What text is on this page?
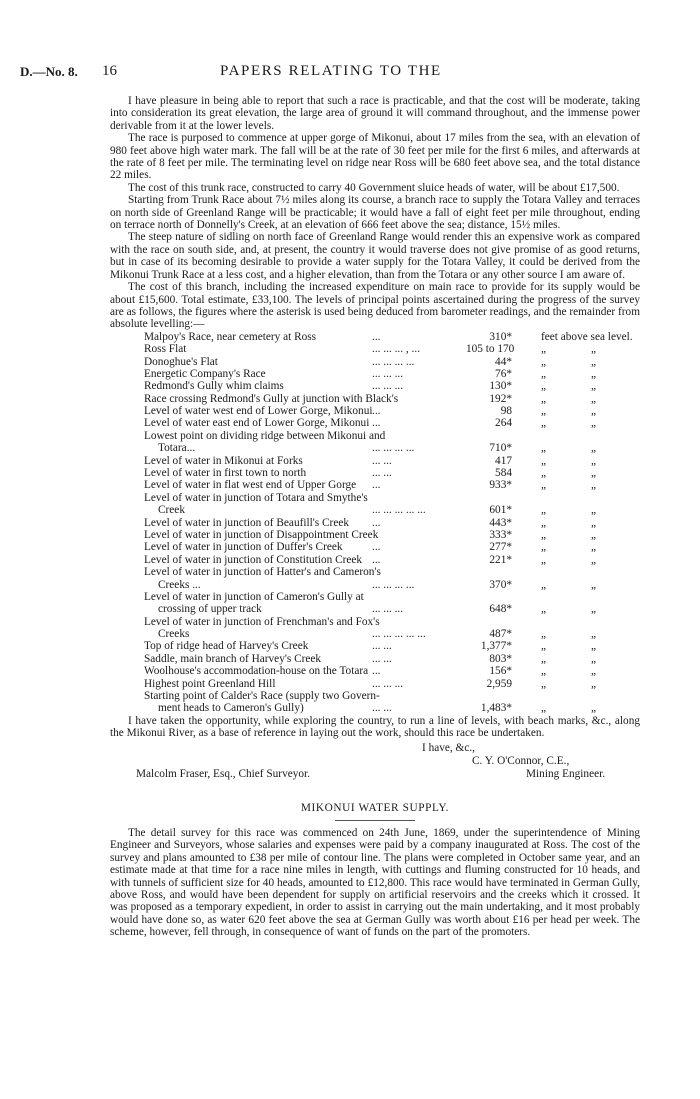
D.—No. 8. 16	PAPERS RELATING TO THE

I have pleasure in being able to report that such a race is practicable, and that the cost will be moderate, taking into consideration its great elevation, the large area of ground it will command throughout, and the immense power derivable from it at the lower levels.

The race is purposed to commence at upper gorge of Mikonui, about 17 miles from the sea, with an elevation of 980 feet above high water mark. The fall will be at the rate of 30 feet per mile for the first 6 miles, and afterwards at the rate of 8 feet per mile. The terminating level on ridge near Ross will be 680 feet above sea, and the total distance 22 miles.

The cost of this trunk race, constructed to carry 40 Government sluice heads of water, will be about £17,500.

Starting from Trunk Race about 7½ miles along its course, a branch race to supply the Totara Valley and terraces on north side of Greenland Range will be practicable; it would have a fall of eight feet per mile throughout, ending on terrace north of Donnelly's Creek, at an elevation of 666 feet above the sea; distance, 15½ miles.

The steep nature of sidling on north face of Greenland Range would render this an expensive work as compared with the race on south side, and, at present, the country it would traverse does not give promise of as good returns, but in case of its becoming desirable to provide a water supply for the Totara Valley, it could be derived from the Mikonui Trunk Race at a less cost, and a higher elevation, than from the Totara or any other source I am aware of.

The cost of this branch, including the increased expenditure on main race to provide for its supply would be about £15,600. Total estimate, £33,100. The levels of principal points ascertained during the progress of the survey are as follows, the figures where the asterisk is used being deduced from barometer readings, and the remainder from absolute levelling:—

Malpoy's Race, near cemetery at Ross	...	310*	feet above sea level.
Ross Flat	... ... ... , ...	105 to 170 „	„
Donoghue's Flat	... ... ... ...	44*	„	„
Energetic Company's Race	... ... ...	76*	„	„
Redmond's Gully whim claims	... ... ...	130*	„	„
Race crossing Redmond's Gully at junction with Black's	192*	„	„
Level of water west end of Lower Gorge, Mikonui ...	98	„	„
Level of water east end of Lower Gorge, Mikonui ...	264	„	„
Lowest point on dividing ridge between Mikonui and
Totara...	... ... ... ...	710*	„	„
Level of water in Mikonui at Forks	... ...	417	„	„
Level of water in first town to north	... ...	584	„	„
Level of water in flat west end of Upper Gorge ...	933*	„	„
Level of water in junction of Totara and Smythe's
Creek	... ... ... ... ...	601*	„	„
Level of water in junction of Beaufill's Creek ...	443*	„	„
Level of water in junction of Disappointment Creek	333*	„	„
Level of water in junction of Duffer's Creek	...	277*	„	„
Level of water in junction of Constitution Creek ...	221*	„	„
Level of water in junction of Hatter's and Cameron's
Creeks ...	... ... ... ...	370*	„	„
Level of water in junction of Cameron's Gully at
crossing of upper track	... ... ...	648*	„	„
Level of water in junction of Frenchman's and Fox's
Creeks	... ... ... ... ...	487*	„	„
Top of ridge head of Harvey's Creek	... ...	1,377*	„	„
Saddle, main branch of Harvey's Creek	... ...	803*	„	„
Woolhouse's accommodation-house on the Totara ...	156*	„	„
Highest point Greenland Hill	... ... ...	2,959	„	„
Starting point of Calder's Race (supply two Govern-
ment heads to Cameron's Gully)	... ...	1,483*	„	„

I have taken the opportunity, while exploring the country, to run a line of levels, with beach marks, &c., along the Mikonui River, as a base of reference in laying out the work, should this race be undertaken.

I have, &c.,
C. Y. O'Connor, C.E.,
Malcolm Fraser, Esq., Chief Surveyor.	Mining Engineer.
MIKONUI WATER SUPPLY.

The detail survey for this race was commenced on 24th June, 1869, under the superintendence of Mining Engineer and Surveyors, whose salaries and expenses were paid by a company inaugurated at Ross. The cost of the survey and plans amounted to £38 per mile of contour line. The plans were completed in October same year, and an estimate made at that time for a race nine miles in length, with cuttings and fluming constructed for 10 heads, and with tunnels of sufficient size for 40 heads, amounted to £12,800. This race would have terminated in German Gully, above Ross, and would have been dependent for supply on artificial reservoirs and the creeks which it crossed. It was proposed as a temporary expedient, in order to assist in carrying out the main undertaking, and it most probably would have done so, as water 620 feet above the sea at German Gully was worth about £16 per head per week. The scheme, however, fell through, in consequence of want of funds on the part of the promoters.
